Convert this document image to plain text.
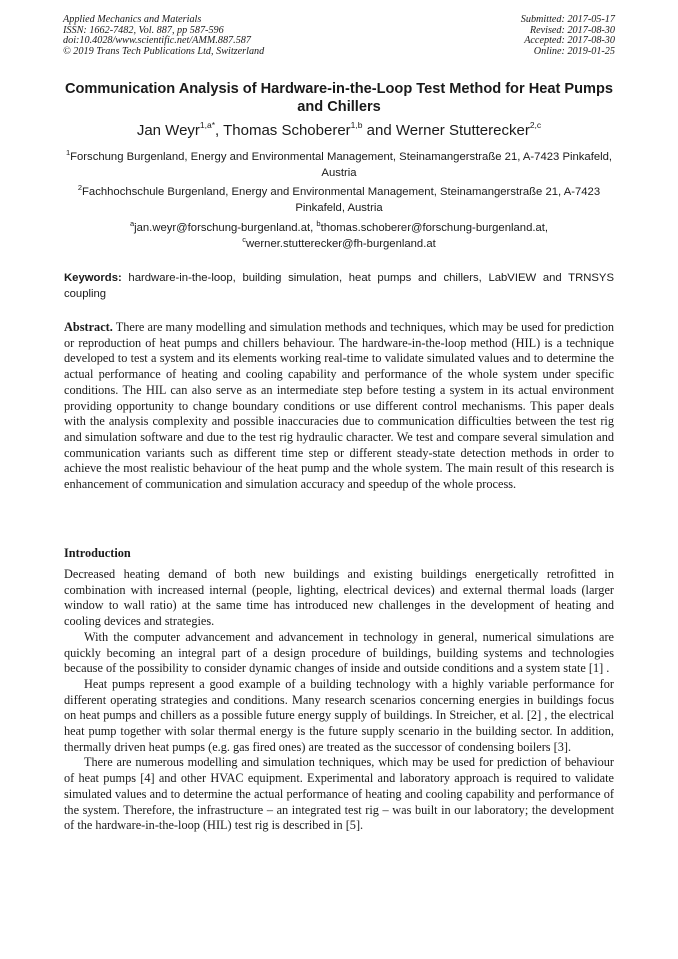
Applied Mechanics and Materials
ISSN: 1662-7482, Vol. 887, pp 587-596
doi:10.4028/www.scientific.net/AMM.887.587
© 2019 Trans Tech Publications Ltd, Switzerland
Submitted: 2017-05-17
Revised: 2017-08-30
Accepted: 2017-08-30
Online: 2019-01-25
Communication Analysis of Hardware-in-the-Loop Test Method for Heat Pumps and Chillers
Jan Weyr$^{1,a*}$, Thomas Schoberer$^{1,b}$ and Werner Stutterecker$^{2,c}$
$^1$Forschung Burgenland, Energy and Environmental Management, Steinamangerstraße 21, A-7423 Pinkafeld, Austria
$^2$Fachhochschule Burgenland, Energy and Environmental Management, Steinamangerstraße 21, A-7423 Pinkafeld, Austria
$^a$jan.weyr@forschung-burgenland.at, $^b$thomas.schoberer@forschung-burgenland.at,
$^c$werner.stutterecker@fh-burgenland.at
Keywords: hardware-in-the-loop, building simulation, heat pumps and chillers, LabVIEW and TRNSYS coupling
Abstract. There are many modelling and simulation methods and techniques, which may be used for prediction or reproduction of heat pumps and chillers behaviour. The hardware-in-the-loop method (HIL) is a technique developed to test a system and its elements working real-time to validate simulated values and to determine the actual performance of heating and cooling capability and performance of the whole system under specific conditions. The HIL can also serve as an intermediate step before testing a system in its actual environment providing opportunity to change boundary conditions or use different control mechanisms. This paper deals with the analysis complexity and possible inaccuracies due to communication difficulties between the test rig and simulation software and due to the test rig hydraulic character. We test and compare several simulation and communication variants such as different time step or different steady-state detection methods in order to achieve the most realistic behaviour of the heat pump and the whole system. The main result of this research is enhancement of communication and simulation accuracy and speedup of the whole process.
Introduction

Decreased heating demand of both new buildings and existing buildings energetically retrofitted in combination with increased internal (people, lighting, electrical devices) and external thermal loads (larger window to wall ratio) at the same time has introduced new challenges in the development of heating and cooling devices and strategies.

With the computer advancement and advancement in technology in general, numerical simulations are quickly becoming an integral part of a design procedure of buildings, building systems and technologies because of the possibility to consider dynamic changes of inside and outside conditions and a system state [1] .

Heat pumps represent a good example of a building technology with a highly variable performance for different operating strategies and conditions. Many research scenarios concerning energies in buildings focus on heat pumps and chillers as a possible future energy supply of buildings. In Streicher, et al. [2] , the electrical heat pump together with solar thermal energy is the future supply scenario in the building sector. In addition, thermally driven heat pumps (e.g. gas fired ones) are treated as the successor of condensing boilers [3].

There are numerous modelling and simulation techniques, which may be used for prediction of behaviour of heat pumps [4] and other HVAC equipment. Experimental and laboratory approach is required to validate simulated values and to determine the actual performance of heating and cooling capability and performance of the system. Therefore, the infrastructure – an integrated test rig – was built in our laboratory; the development of the hardware-in-the-loop (HIL) test rig is described in [5].
